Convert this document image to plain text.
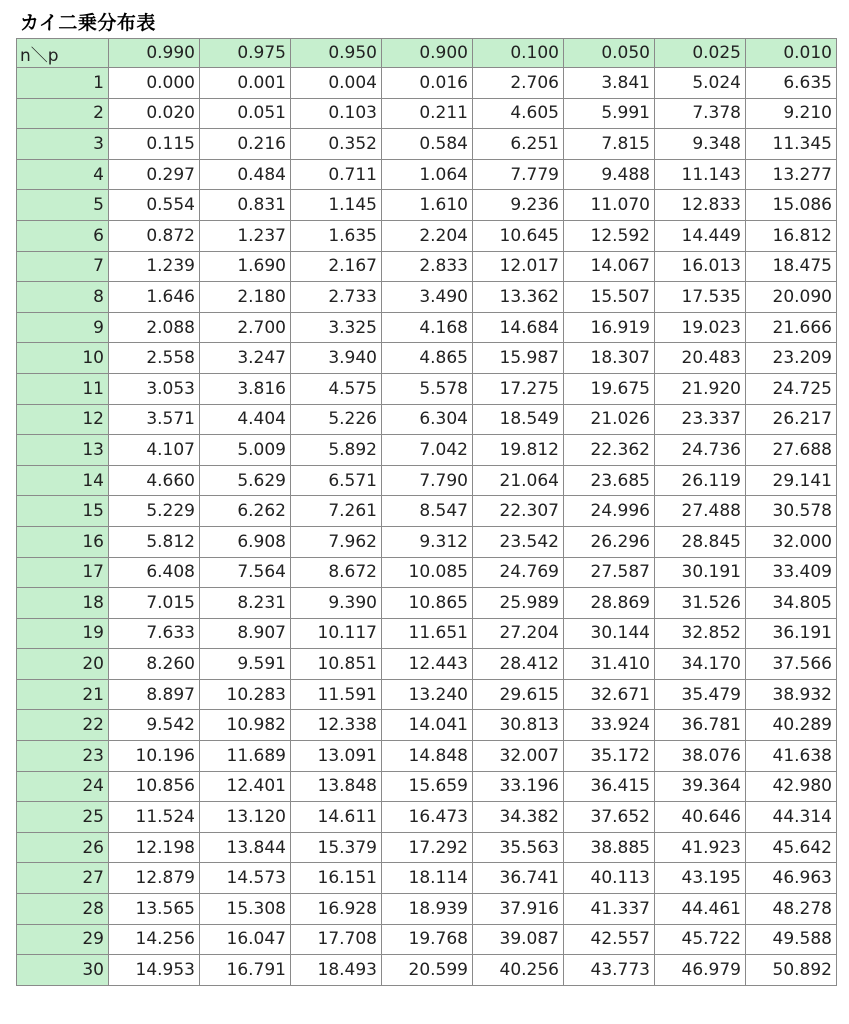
カイ二乗分布表
n＼p	0.990	0.975	0.950	0.900	0.100	0.050	0.025	0.010
1	0.000	0.001	0.004	0.016	2.706	3.841	5.024	6.635
2	0.020	0.051	0.103	0.211	4.605	5.991	7.378	9.210
3	0.115	0.216	0.352	0.584	6.251	7.815	9.348	11.345
4	0.297	0.484	0.711	1.064	7.779	9.488	11.143	13.277
5	0.554	0.831	1.145	1.610	9.236	11.070	12.833	15.086
6	0.872	1.237	1.635	2.204	10.645	12.592	14.449	16.812
7	1.239	1.690	2.167	2.833	12.017	14.067	16.013	18.475
8	1.646	2.180	2.733	3.490	13.362	15.507	17.535	20.090
9	2.088	2.700	3.325	4.168	14.684	16.919	19.023	21.666
10	2.558	3.247	3.940	4.865	15.987	18.307	20.483	23.209
11	3.053	3.816	4.575	5.578	17.275	19.675	21.920	24.725
12	3.571	4.404	5.226	6.304	18.549	21.026	23.337	26.217
13	4.107	5.009	5.892	7.042	19.812	22.362	24.736	27.688
14	4.660	5.629	6.571	7.790	21.064	23.685	26.119	29.141
15	5.229	6.262	7.261	8.547	22.307	24.996	27.488	30.578
16	5.812	6.908	7.962	9.312	23.542	26.296	28.845	32.000
17	6.408	7.564	8.672	10.085	24.769	27.587	30.191	33.409
18	7.015	8.231	9.390	10.865	25.989	28.869	31.526	34.805
19	7.633	8.907	10.117	11.651	27.204	30.144	32.852	36.191
20	8.260	9.591	10.851	12.443	28.412	31.410	34.170	37.566
21	8.897	10.283	11.591	13.240	29.615	32.671	35.479	38.932
22	9.542	10.982	12.338	14.041	30.813	33.924	36.781	40.289
23	10.196	11.689	13.091	14.848	32.007	35.172	38.076	41.638
24	10.856	12.401	13.848	15.659	33.196	36.415	39.364	42.980
25	11.524	13.120	14.611	16.473	34.382	37.652	40.646	44.314
26	12.198	13.844	15.379	17.292	35.563	38.885	41.923	45.642
27	12.879	14.573	16.151	18.114	36.741	40.113	43.195	46.963
28	13.565	15.308	16.928	18.939	37.916	41.337	44.461	48.278
29	14.256	16.047	17.708	19.768	39.087	42.557	45.722	49.588
30	14.953	16.791	18.493	20.599	40.256	43.773	46.979	50.892
